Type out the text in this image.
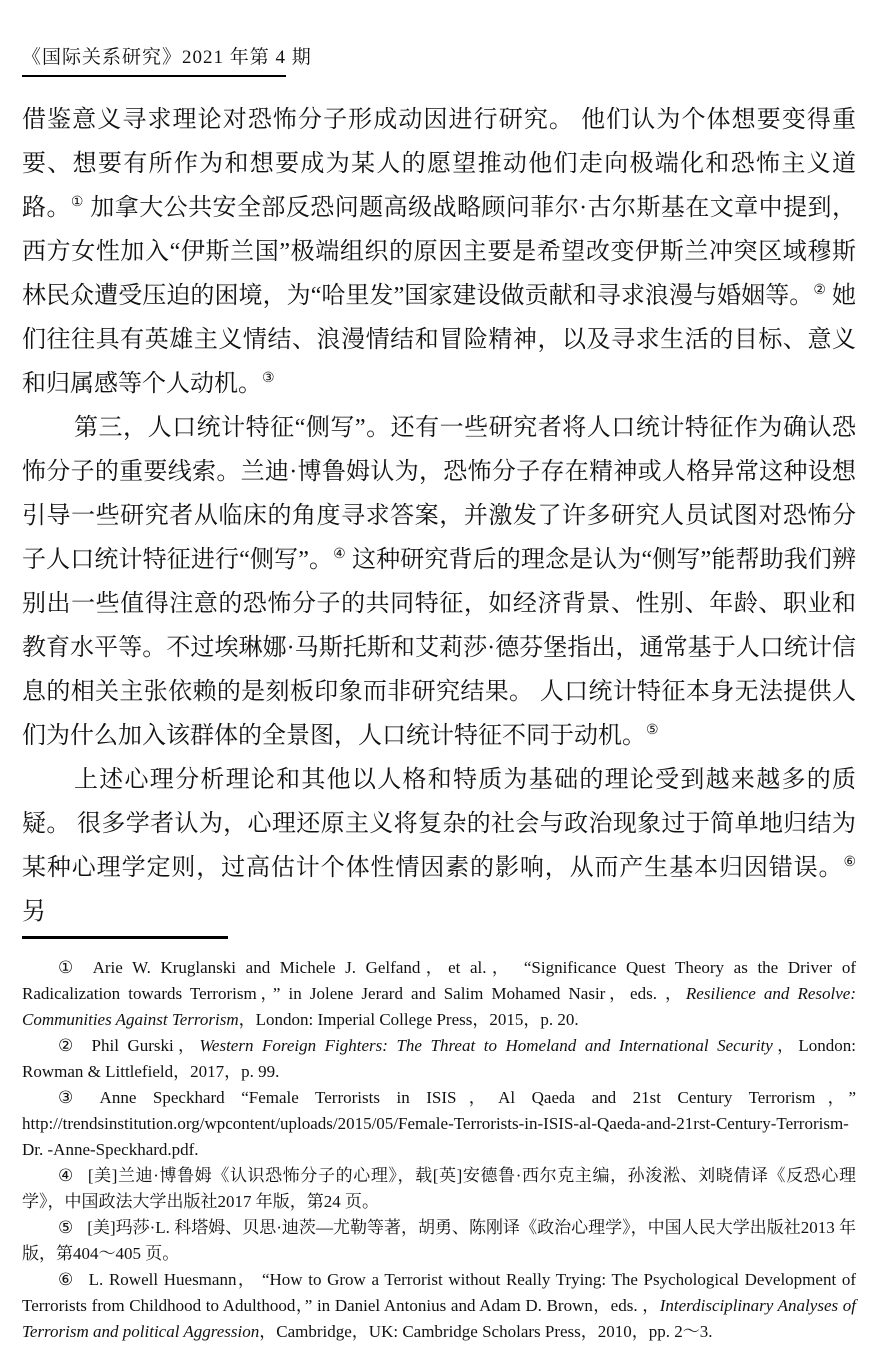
《国际关系研究》2021 年第 4 期

借鉴意义寻求理论对恐怖分子形成动因进行研究。 他们认为个体想要变得重要、想要有所作为和想要成为某人的愿望推动他们走向极端化和恐怖主义道路。① 加拿大公共安全部反恐问题高级战略顾问菲尔·古尔斯基在文章中提到，西方女性加入“伊斯兰国”极端组织的原因主要是希望改变伊斯兰冲突区域穆斯林民众遭受压迫的困境，为“哈里发”国家建设做贡献和寻求浪漫与婚姻等。② 她们往往具有英雄主义情结、浪漫情结和冒险精神，以及寻求生活的目标、意义和归属感等个人动机。③

第三，人口统计特征“侧写”。还有一些研究者将人口统计特征作为确认恐怖分子的重要线索。兰迪·博鲁姆认为，恐怖分子存在精神或人格异常这种设想引导一些研究者从临床的角度寻求答案，并激发了许多研究人员试图对恐怖分子人口统计特征进行“侧写”。④ 这种研究背后的理念是认为“侧写”能帮助我们辨别出一些值得注意的恐怖分子的共同特征，如经济背景、性别、年龄、职业和教育水平等。不过埃琳娜·马斯托斯和艾莉莎·德芬堡指出，通常基于人口统计信息的相关主张依赖的是刻板印象而非研究结果。 人口统计特征本身无法提供人们为什么加入该群体的全景图，人口统计特征不同于动机。⑤

上述心理分析理论和其他以人格和特质为基础的理论受到越来越多的质疑。 很多学者认为，心理还原主义将复杂的社会与政治现象过于简单地归结为某种心理学定则，过高估计个体性情因素的影响，从而产生基本归因错误。⑥ 另

① Arie W. Kruglanski and Michele J. Gelfand，et al.， “Significance Quest Theory as the Driver of Radicalization towards Terrorism，” in Jolene Jerard and Salim Mohamed Nasir，eds. ，Resilience and Resolve: Communities Against Terrorism，London: Imperial College Press，2015，p. 20.

② Phil Gurski，Western Foreign Fighters: The Threat to Homeland and International Security，London: Rowman & Littlefield，2017，p. 99.

③ Anne Speckhard “Female Terrorists in ISIS，Al Qaeda and 21st Century Terrorism，” http://trendsinstitution.org/wpcontent/uploads/2015/05/Female-Terrorists-in-ISIS-al-Qaeda-and-21rst-Century-Terrorism-Dr. -Anne-Speckhard.pdf.

④ [美]兰迪·博鲁姆《认识恐怖分子的心理》，载[英]安德鲁·西尔克主编，孙浚淞、刘晓倩译《反恐心理学》，中国政法大学出版社2017 年版，第24 页。

⑤ [美]玛莎·L. 科塔姆、贝思·迪茨—尤勒等著，胡勇、陈刚译《政治心理学》，中国人民大学出版社2013 年版，第404～405 页。

⑥ L. Rowell Huesmann， “How to Grow a Terrorist without Really Trying: The Psychological Development of Terrorists from Childhood to Adulthood，” in Daniel Antonius and Adam D. Brown，eds. ，Interdisciplinary Analyses of Terrorism and political Aggression，Cambridge，UK: Cambridge Scholars Press，2010，pp. 2～3.
